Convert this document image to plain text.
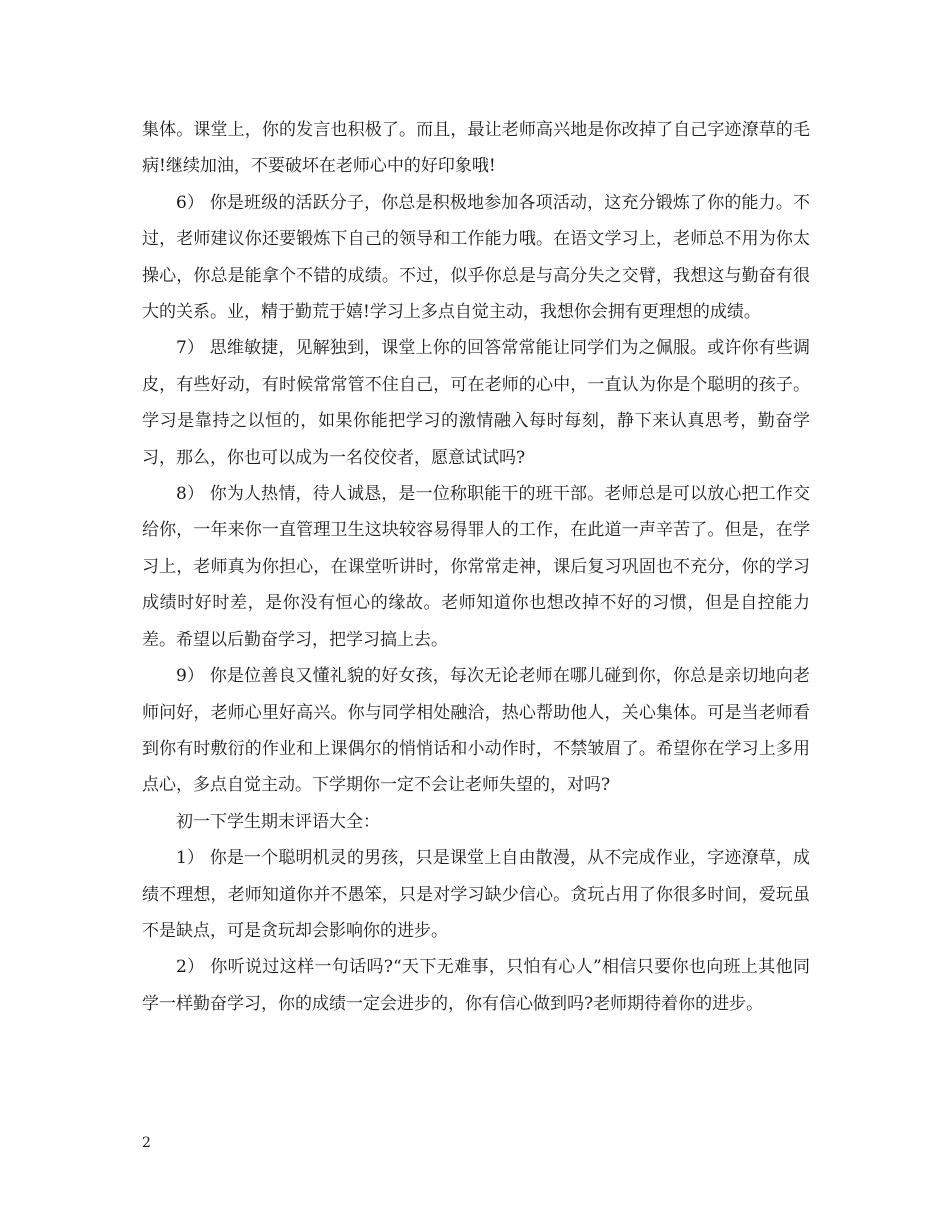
集体。课堂上，你的发言也积极了。而且，最让老师高兴地是你改掉了自己字迹潦草的毛病!继续加油，不要破坏在老师心中的好印象哦!

6） 你是班级的活跃分子，你总是积极地参加各项活动，这充分锻炼了你的能力。不过，老师建议你还要锻炼下自己的领导和工作能力哦。在语文学习上，老师总不用为你太操心，你总是能拿个不错的成绩。不过，似乎你总是与高分失之交臂，我想这与勤奋有很大的关系。业，精于勤荒于嬉!学习上多点自觉主动，我想你会拥有更理想的成绩。

7） 思维敏捷，见解独到，课堂上你的回答常常能让同学们为之佩服。或许你有些调皮，有些好动，有时候常常管不住自己，可在老师的心中，一直认为你是个聪明的孩子。学习是靠持之以恒的，如果你能把学习的激情融入每时每刻，静下来认真思考，勤奋学习，那么，你也可以成为一名佼佼者，愿意试试吗?

8） 你为人热情，待人诚恳，是一位称职能干的班干部。老师总是可以放心把工作交给你，一年来你一直管理卫生这块较容易得罪人的工作，在此道一声辛苦了。但是，在学习上，老师真为你担心，在课堂听讲时，你常常走神，课后复习巩固也不充分，你的学习成绩时好时差，是你没有恒心的缘故。老师知道你也想改掉不好的习惯，但是自控能力差。希望以后勤奋学习，把学习搞上去。

9） 你是位善良又懂礼貌的好女孩，每次无论老师在哪儿碰到你，你总是亲切地向老师问好，老师心里好高兴。你与同学相处融洽，热心帮助他人，关心集体。可是当老师看到你有时敷衍的作业和上课偶尔的悄悄话和小动作时，不禁皱眉了。希望你在学习上多用点心，多点自觉主动。下学期你一定不会让老师失望的，对吗?

初一下学生期末评语大全：

1） 你是一个聪明机灵的男孩，只是课堂上自由散漫，从不完成作业，字迹潦草，成绩不理想，老师知道你并不愚笨，只是对学习缺少信心。贪玩占用了你很多时间，爱玩虽不是缺点，可是贪玩却会影响你的进步。

2） 你听说过这样一句话吗?“天下无难事，只怕有心人”相信只要你也向班上其他同学一样勤奋学习，你的成绩一定会进步的，你有信心做到吗?老师期待着你的进步。

2
